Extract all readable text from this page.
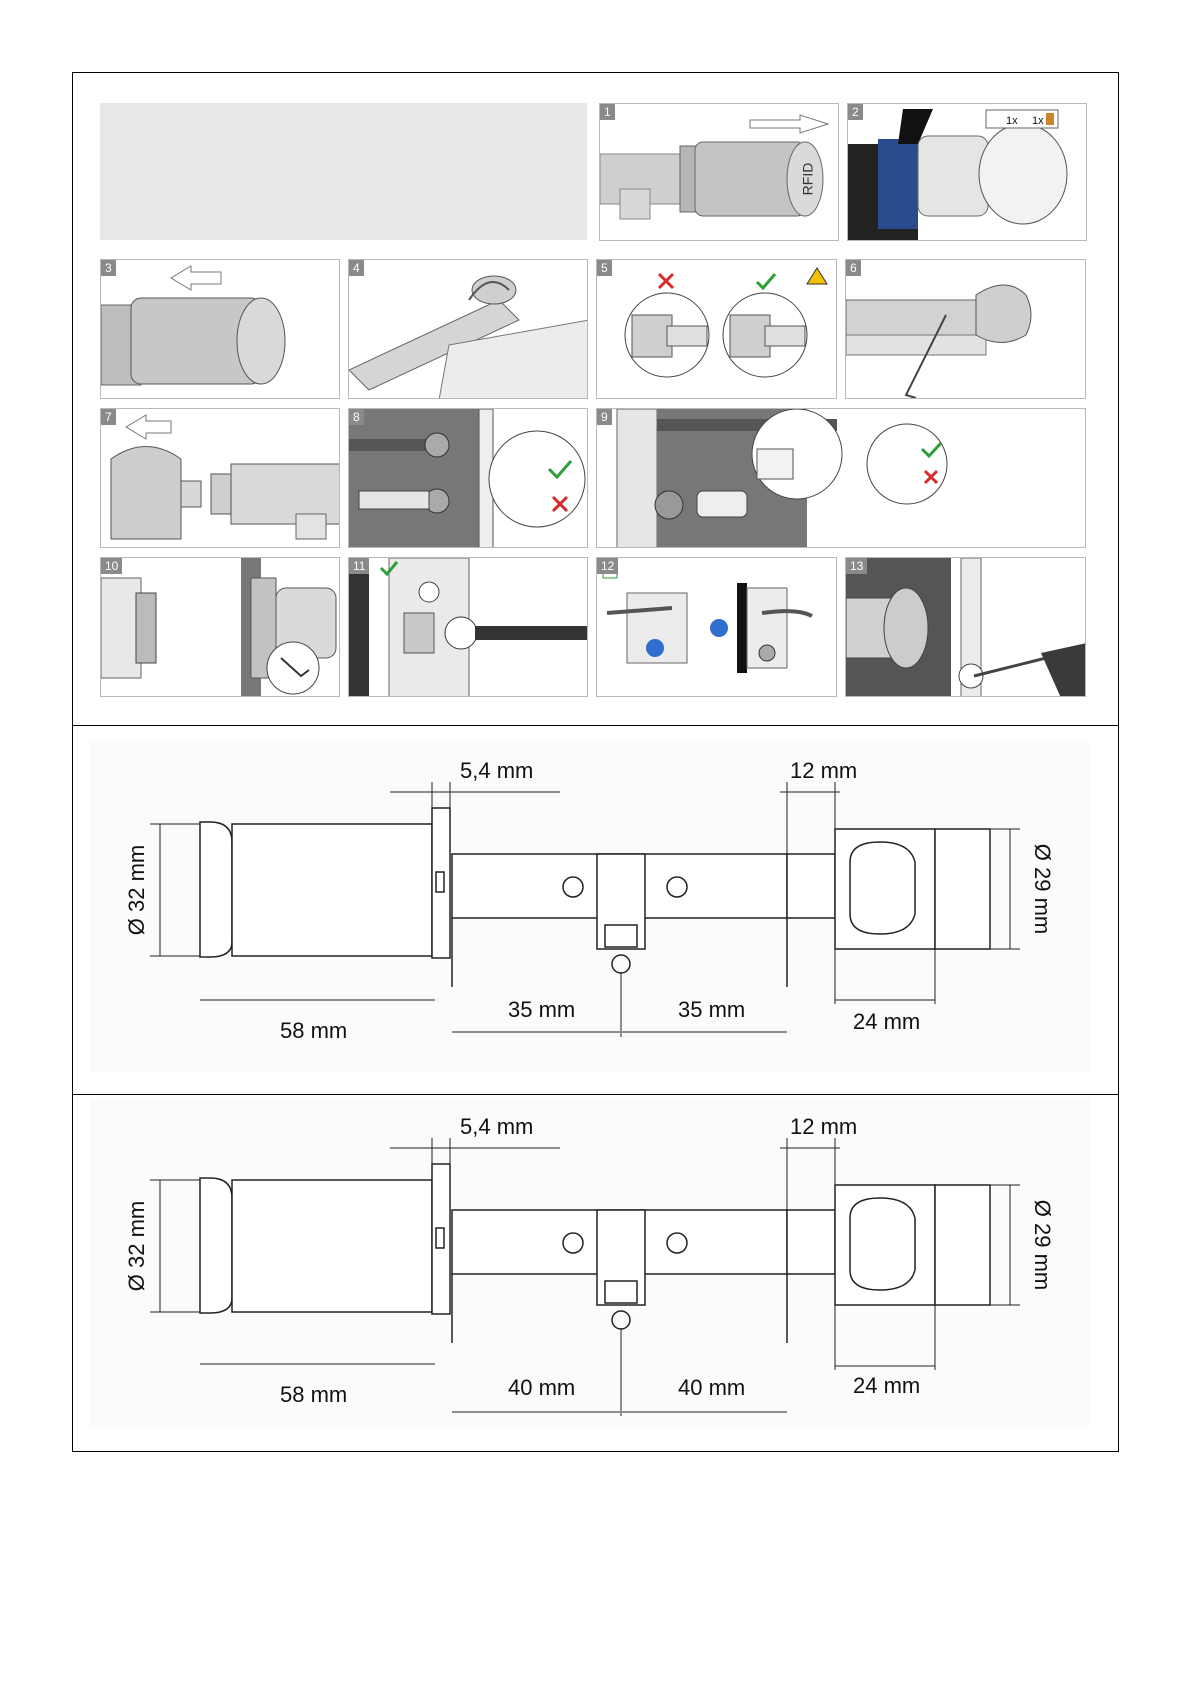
RFID
1
1x 1x
2
3	4	5	6
7	8	9
10	11	12	13
5,4 mm	12 mm
Ø 32 mm	Ø 29 mm
58 mm
35 mm	35 mm	24 mm
5,4 mm	12 mm
Ø 32 mm	Ø 29 mm
58 mm	40 mm	40 mm	24 mm
